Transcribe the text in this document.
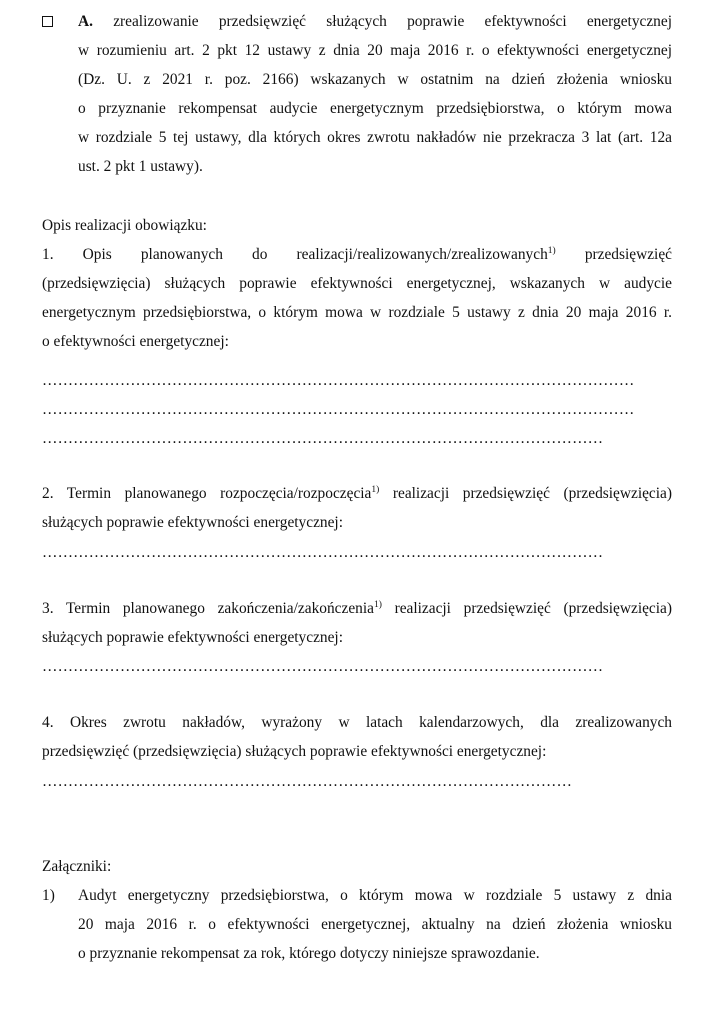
A. zrealizowanie przedsięwzięć służących poprawie efektywności energetycznej
w rozumieniu art. 2 pkt 12 ustawy z dnia 20 maja 2016 r. o efektywności energetycznej
(Dz. U. z 2021 r. poz. 2166) wskazanych w ostatnim na dzień złożenia wniosku
o przyznanie rekompensat audycie energetycznym przedsiębiorstwa, o którym mowa
w rozdziale 5 tej ustawy, dla których okres zwrotu nakładów nie przekracza 3 lat (art. 12a
ust. 2 pkt 1 ustawy).
Opis realizacji obowiązku:
1. Opis planowanych do realizacji/realizowanych/zrealizowanych$^{1)}$ przedsięwzięć
(przedsięwzięcia) służących poprawie efektywności energetycznej, wskazanych w audycie
energetycznym przedsiębiorstwa, o którym mowa w rozdziale 5 ustawy z dnia 20 maja 2016 r.
o efektywności energetycznej:
……………………………………………………………………………………………………
……………………………………………………………………………………………………
………………………………………………………………………………………………
2. Termin planowanego rozpoczęcia/rozpoczęcia$^{1)}$ realizacji przedsięwzięć (przedsięwzięcia)
służących poprawie efektywności energetycznej:
………………………………………………………………………………………………
3. Termin planowanego zakończenia/zakończenia$^{1)}$ realizacji przedsięwzięć (przedsięwzięcia)
służących poprawie efektywności energetycznej:
………………………………………………………………………………………………
4. Okres zwrotu nakładów, wyrażony w latach kalendarzowych, dla zrealizowanych
przedsięwzięć (przedsięwzięcia) służących poprawie efektywności energetycznej:
…………………………………………………………………………………………
Załączniki:
1) Audyt energetyczny przedsiębiorstwa, o którym mowa w rozdziale 5 ustawy z dnia
20 maja 2016 r. o efektywności energetycznej, aktualny na dzień złożenia wniosku
o przyznanie rekompensat za rok, którego dotyczy niniejsze sprawozdanie.
